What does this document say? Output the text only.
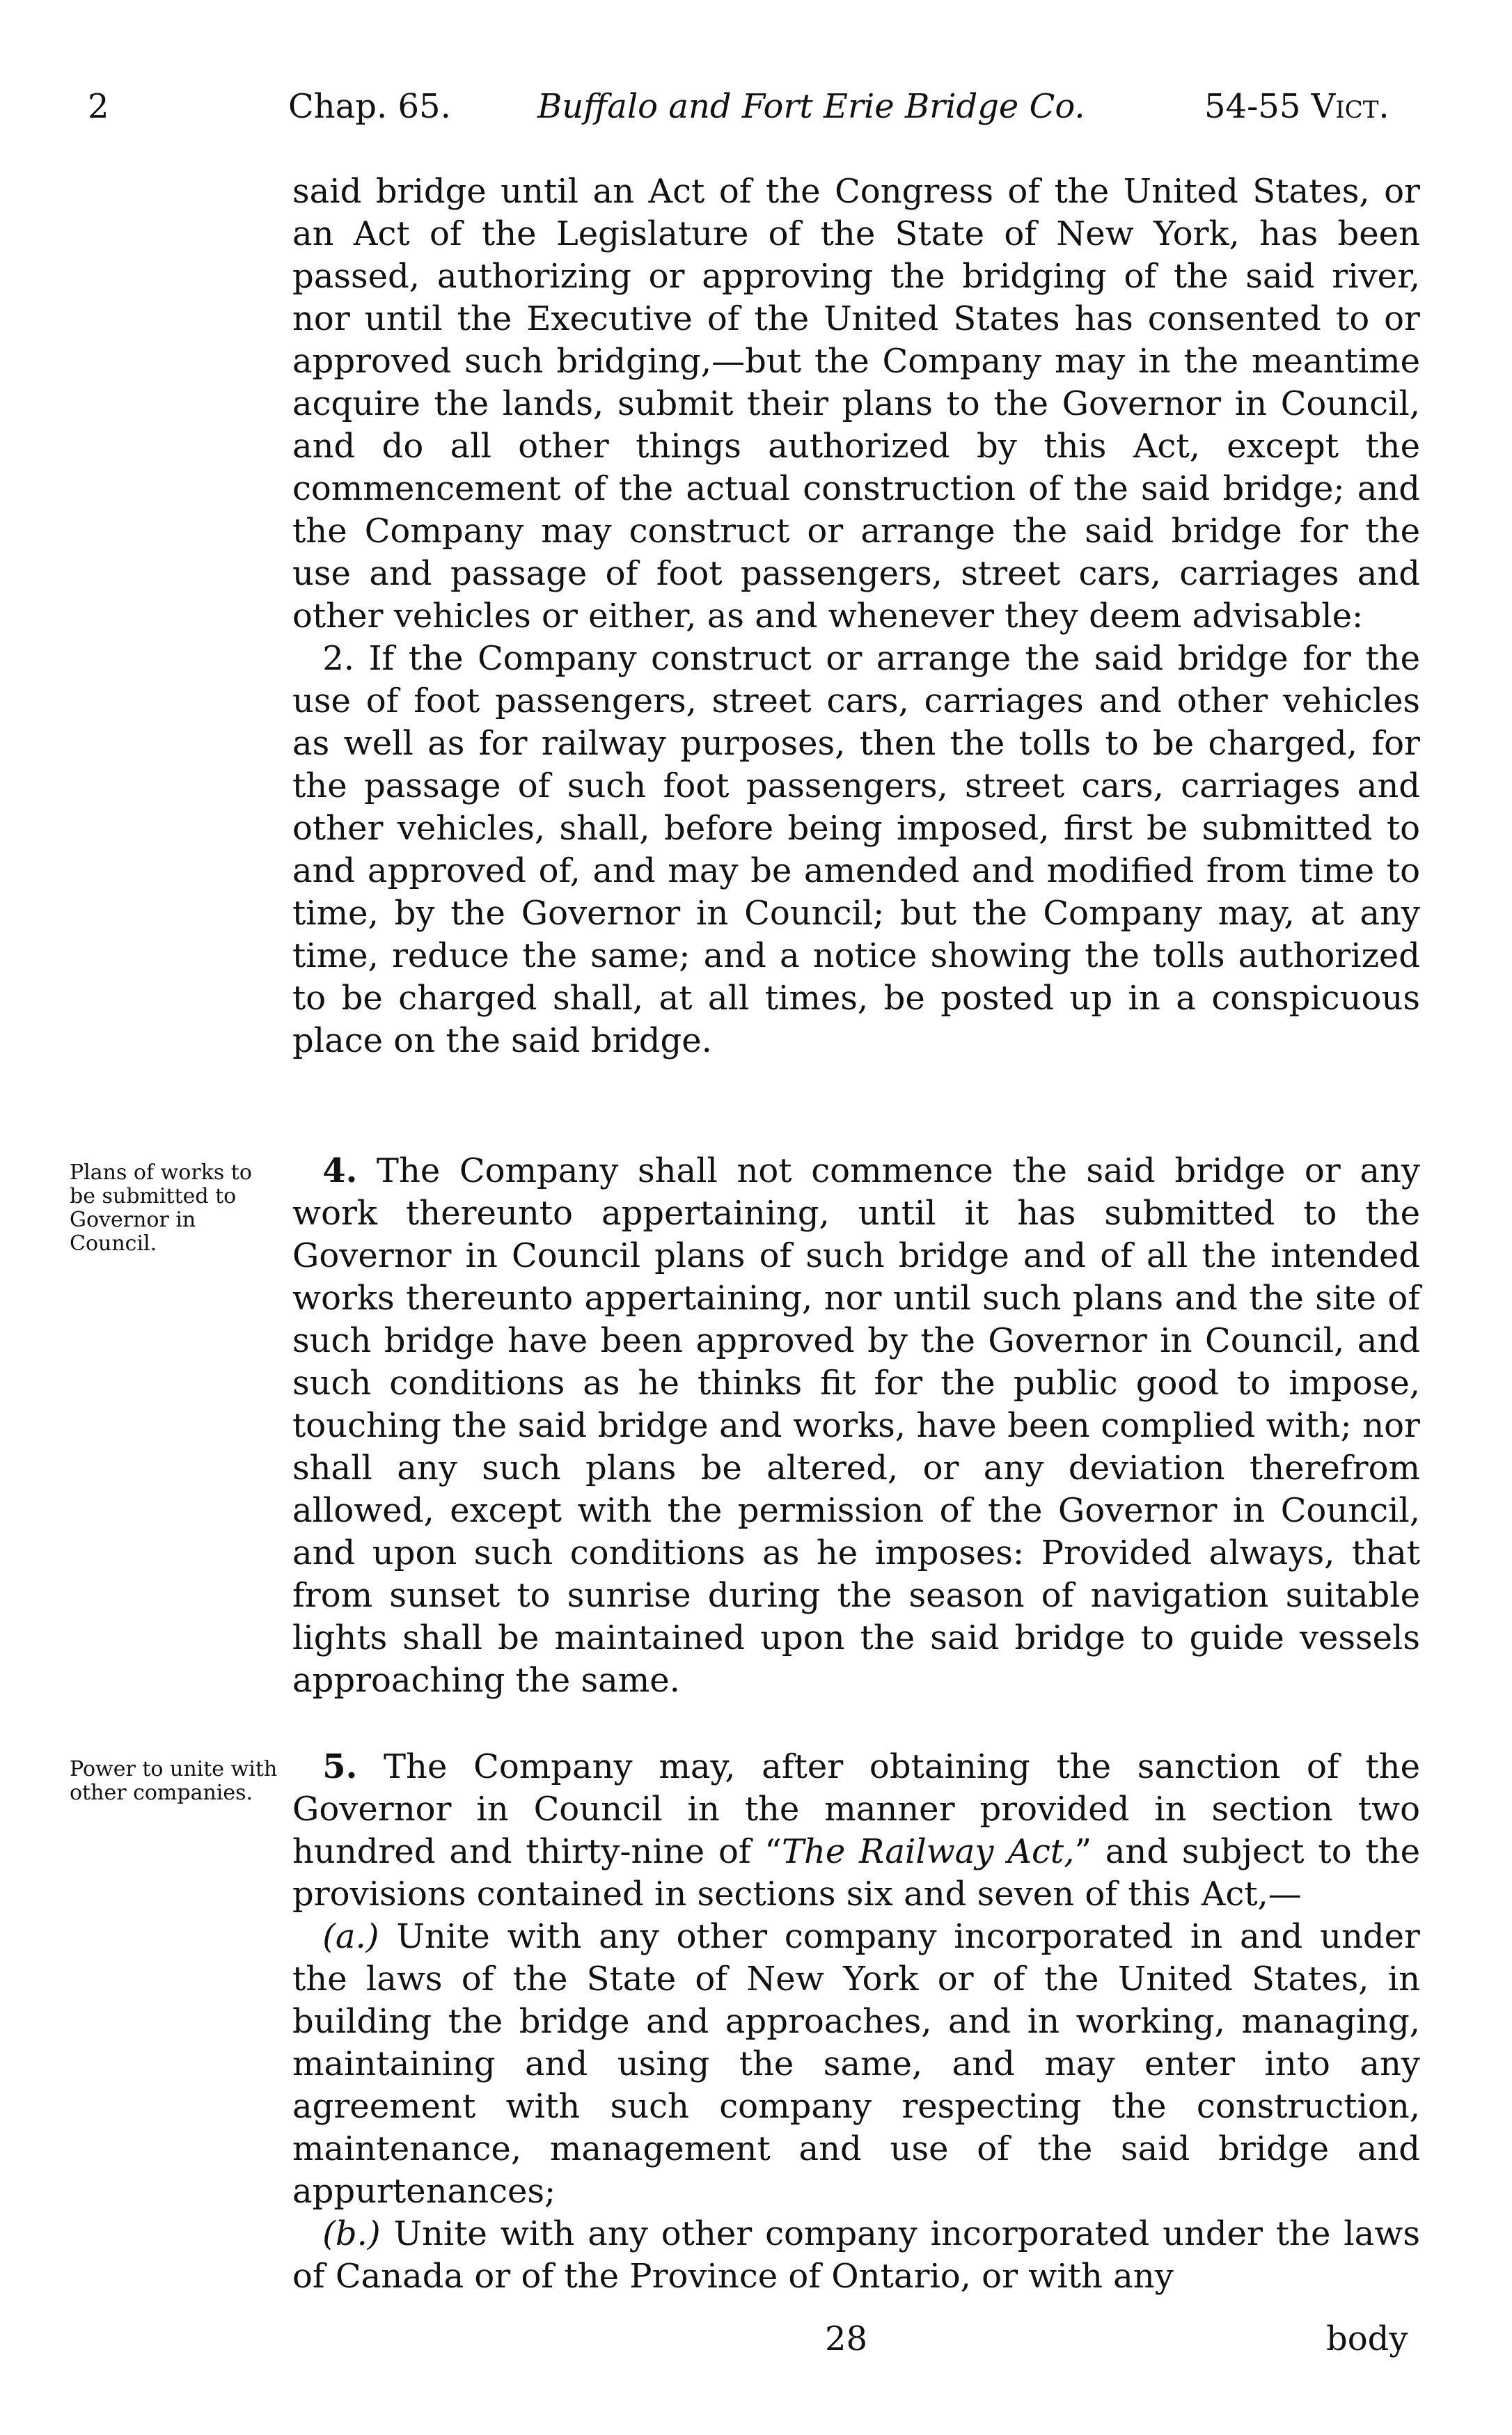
2	Chap. 65.	Buffalo and Fort Erie Bridge Co.	54-55 Vict.

said bridge until an Act of the Congress of the United States, or an Act of the Legislature of the State of New York, has been passed, authorizing or approving the bridging of the said river, nor until the Executive of the United States has consented to or approved such bridging,—but the Company may in the meantime acquire the lands, submit their plans to the Governor in Council, and do all other things authorized by this Act, except the commencement of the actual construction of the said bridge; and the Company may construct or arrange the said bridge for the use and passage of foot passengers, street cars, carriages and other vehicles or either, as and whenever they deem advisable:

2. If the Company construct or arrange the said bridge for the use of foot passengers, street cars, carriages and other vehicles as well as for railway purposes, then the tolls to be charged, for the passage of such foot passengers, street cars, carriages and other vehicles, shall, before being imposed, first be submitted to and approved of, and may be amended and modified from time to time, by the Governor in Council; but the Company may, at any time, reduce the same; and a notice showing the tolls authorized to be charged shall, at all times, be posted up in a conspicuous place on the said bridge.

Plans of works to be submitted to Governor in Council.

4. The Company shall not commence the said bridge or any work thereunto appertaining, until it has submitted to the Governor in Council plans of such bridge and of all the intended works thereunto appertaining, nor until such plans and the site of such bridge have been approved by the Governor in Council, and such conditions as he thinks fit for the public good to impose, touching the said bridge and works, have been complied with; nor shall any such plans be altered, or any deviation therefrom allowed, except with the permission of the Governor in Council, and upon such conditions as he imposes: Provided always, that from sunset to sunrise during the season of navigation suitable lights shall be maintained upon the said bridge to guide vessels approaching the same.

Power to unite with other companies.

5. The Company may, after obtaining the sanction of the Governor in Council in the manner provided in section two hundred and thirty-nine of “The Railway Act,” and subject to the provisions contained in sections six and seven of this Act,—

(a.) Unite with any other company incorporated in and under the laws of the State of New York or of the United States, in building the bridge and approaches, and in working, managing, maintaining and using the same, and may enter into any agreement with such company respecting the construction, maintenance, management and use of the said bridge and appurtenances;

(b.) Unite with any other company incorporated under the laws of Canada or of the Province of Ontario, or with any

28	body
